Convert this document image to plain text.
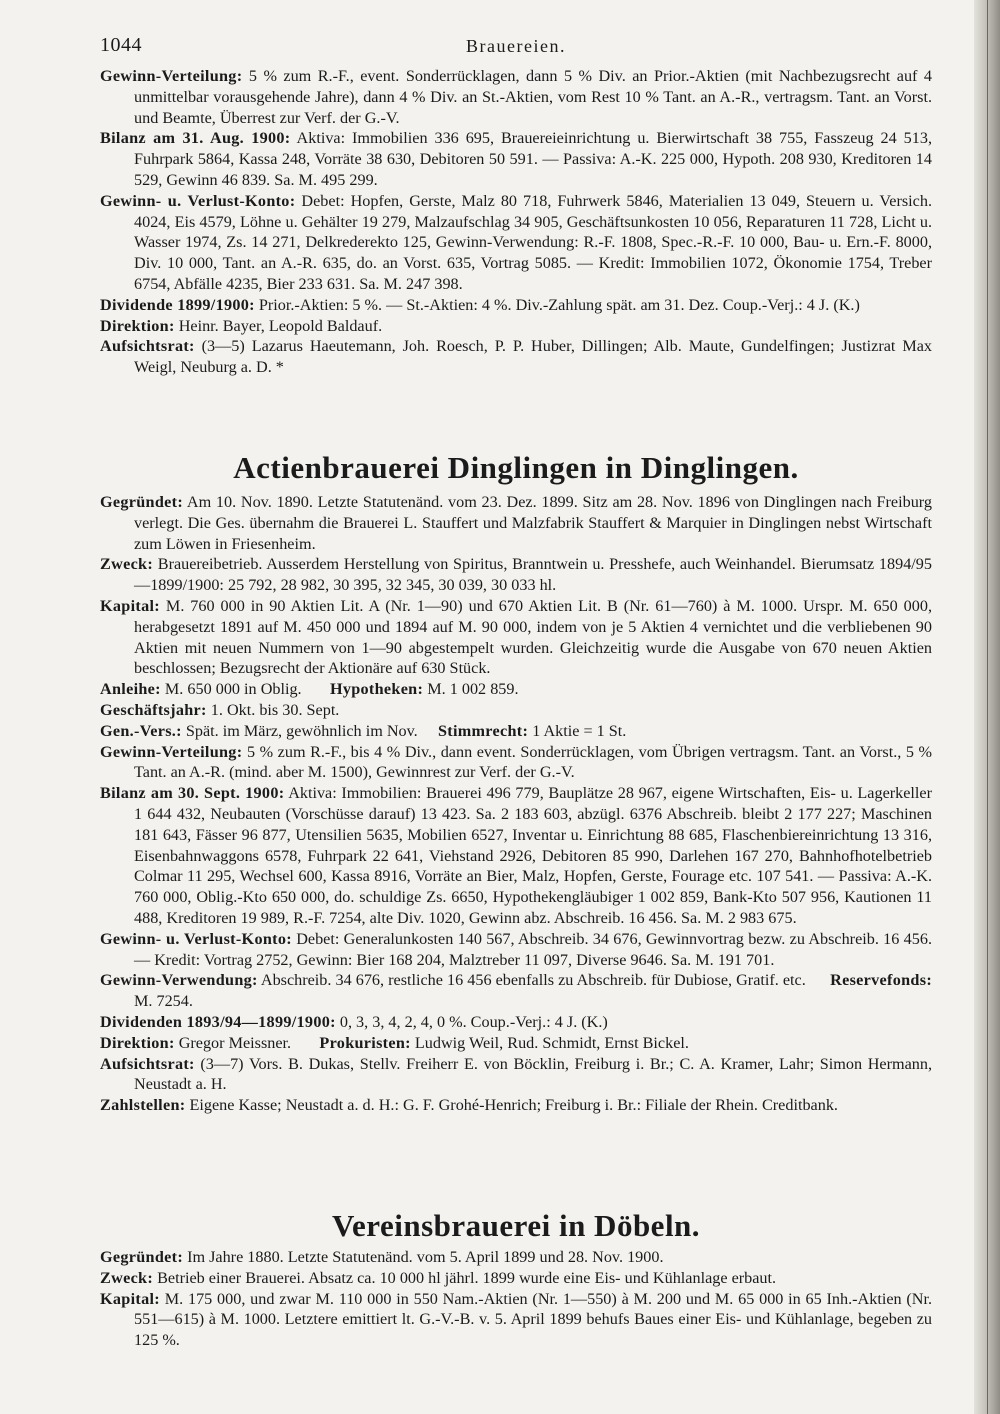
1044	Brauereien.

Gewinn-Verteilung: 5 % zum R.-F., event. Sonderrücklagen, dann 5 % Div. an Prior.-Aktien (mit Nachbezugsrecht auf 4 unmittelbar vorausgehende Jahre), dann 4 % Div. an St.-Aktien, vom Rest 10 % Tant. an A.-R., vertragsm. Tant. an Vorst. und Beamte, Überrest zur Verf. der G.-V.

Bilanz am 31. Aug. 1900: Aktiva: Immobilien 336 695, Brauereieinrichtung u. Bierwirtschaft 38 755, Fasszeug 24 513, Fuhrpark 5864, Kassa 248, Vorräte 38 630, Debitoren 50 591. — Passiva: A.-K. 225 000, Hypoth. 208 930, Kreditoren 14 529, Gewinn 46 839. Sa. M. 495 299.

Gewinn- u. Verlust-Konto: Debet: Hopfen, Gerste, Malz 80 718, Fuhrwerk 5846, Materialien 13 049, Steuern u. Versich. 4024, Eis 4579, Löhne u. Gehälter 19 279, Malzaufschlag 34 905, Geschäftsunkosten 10 056, Reparaturen 11 728, Licht u. Wasser 1974, Zs. 14 271, Delkrederekto 125, Gewinn-Verwendung: R.-F. 1808, Spec.-R.-F. 10 000, Bau- u. Ern.-F. 8000, Div. 10 000, Tant. an A.-R. 635, do. an Vorst. 635, Vortrag 5085. — Kredit: Immobilien 1072, Ökonomie 1754, Treber 6754, Abfälle 4235, Bier 233 631. Sa. M. 247 398.

Dividende 1899/1900: Prior.-Aktien: 5 %. — St.-Aktien: 4 %. Div.-Zahlung spät. am 31. Dez. Coup.-Verj.: 4 J. (K.)

Direktion: Heinr. Bayer, Leopold Baldauf.

Aufsichtsrat: (3—5) Lazarus Haeutemann, Joh. Roesch, P. P. Huber, Dillingen; Alb. Maute, Gundelfingen; Justizrat Max Weigl, Neuburg a. D. *

Actienbrauerei Dinglingen in Dinglingen.

Gegründet: Am 10. Nov. 1890. Letzte Statutenänd. vom 23. Dez. 1899. Sitz am 28. Nov. 1896 von Dinglingen nach Freiburg verlegt. Die Ges. übernahm die Brauerei L. Stauffert und Malzfabrik Stauffert & Marquier in Dinglingen nebst Wirtschaft zum Löwen in Friesenheim.

Zweck: Brauereibetrieb. Ausserdem Herstellung von Spiritus, Branntwein u. Presshefe, auch Weinhandel. Bierumsatz 1894/95—1899/1900: 25 792, 28 982, 30 395, 32 345, 30 039, 30 033 hl.

Kapital: M. 760 000 in 90 Aktien Lit. A (Nr. 1—90) und 670 Aktien Lit. B (Nr. 61—760) à M. 1000. Urspr. M. 650 000, herabgesetzt 1891 auf M. 450 000 und 1894 auf M. 90 000, indem von je 5 Aktien 4 vernichtet und die verbliebenen 90 Aktien mit neuen Nummern von 1—90 abgestempelt wurden. Gleichzeitig wurde die Ausgabe von 670 neuen Aktien beschlossen; Bezugsrecht der Aktionäre auf 630 Stück.

Anleihe: M. 650 000 in Oblig. Hypotheken: M. 1 002 859.

Geschäftsjahr: 1. Okt. bis 30. Sept.

Gen.-Vers.: Spät. im März, gewöhnlich im Nov. Stimmrecht: 1 Aktie = 1 St.

Gewinn-Verteilung: 5 % zum R.-F., bis 4 % Div., dann event. Sonderrücklagen, vom Übrigen vertragsm. Tant. an Vorst., 5 % Tant. an A.-R. (mind. aber M. 1500), Gewinnrest zur Verf. der G.-V.

Bilanz am 30. Sept. 1900: Aktiva: Immobilien: Brauerei 496 779, Bauplätze 28 967, eigene Wirtschaften, Eis- u. Lagerkeller 1 644 432, Neubauten (Vorschüsse darauf) 13 423. Sa. 2 183 603, abzügl. 6376 Abschreib. bleibt 2 177 227; Maschinen 181 643, Fässer 96 877, Utensilien 5635, Mobilien 6527, Inventar u. Einrichtung 88 685, Flaschenbiereinrichtung 13 316, Eisenbahnwaggons 6578, Fuhrpark 22 641, Viehstand 2926, Debitoren 85 990, Darlehen 167 270, Bahnhofhotelbetrieb Colmar 11 295, Wechsel 600, Kassa 8916, Vorräte an Bier, Malz, Hopfen, Gerste, Fourage etc. 107 541. — Passiva: A.-K. 760 000, Oblig.-Kto 650 000, do. schuldige Zs. 6650, Hypothekengläubiger 1 002 859, Bank-Kto 507 956, Kautionen 11 488, Kreditoren 19 989, R.-F. 7254, alte Div. 1020, Gewinn abz. Abschreib. 16 456. Sa. M. 2 983 675.

Gewinn- u. Verlust-Konto: Debet: Generalunkosten 140 567, Abschreib. 34 676, Gewinnvortrag bezw. zu Abschreib. 16 456. — Kredit: Vortrag 2752, Gewinn: Bier 168 204, Malztreber 11 097, Diverse 9646. Sa. M. 191 701.

Gewinn-Verwendung: Abschreib. 34 676, restliche 16 456 ebenfalls zu Abschreib. für Dubiose, Gratif. etc. Reservefonds: M. 7254.

Dividenden 1893/94—1899/1900: 0, 3, 3, 4, 2, 4, 0 %. Coup.-Verj.: 4 J. (K.)

Direktion: Gregor Meissner. Prokuristen: Ludwig Weil, Rud. Schmidt, Ernst Bickel.

Aufsichtsrat: (3—7) Vors. B. Dukas, Stellv. Freiherr E. von Böcklin, Freiburg i. Br.; C. A. Kramer, Lahr; Simon Hermann, Neustadt a. H.

Zahlstellen: Eigene Kasse; Neustadt a. d. H.: G. F. Grohé-Henrich; Freiburg i. Br.: Filiale der Rhein. Creditbank.

Vereinsbrauerei in Döbeln.

Gegründet: Im Jahre 1880. Letzte Statutenänd. vom 5. April 1899 und 28. Nov. 1900.

Zweck: Betrieb einer Brauerei. Absatz ca. 10 000 hl jährl. 1899 wurde eine Eis- und Kühlanlage erbaut.

Kapital: M. 175 000, und zwar M. 110 000 in 550 Nam.-Aktien (Nr. 1—550) à M. 200 und M. 65 000 in 65 Inh.-Aktien (Nr. 551—615) à M. 1000. Letztere emittiert lt. G.-V.-B. v. 5. April 1899 behufs Baues einer Eis- und Kühlanlage, begeben zu 125 %.
